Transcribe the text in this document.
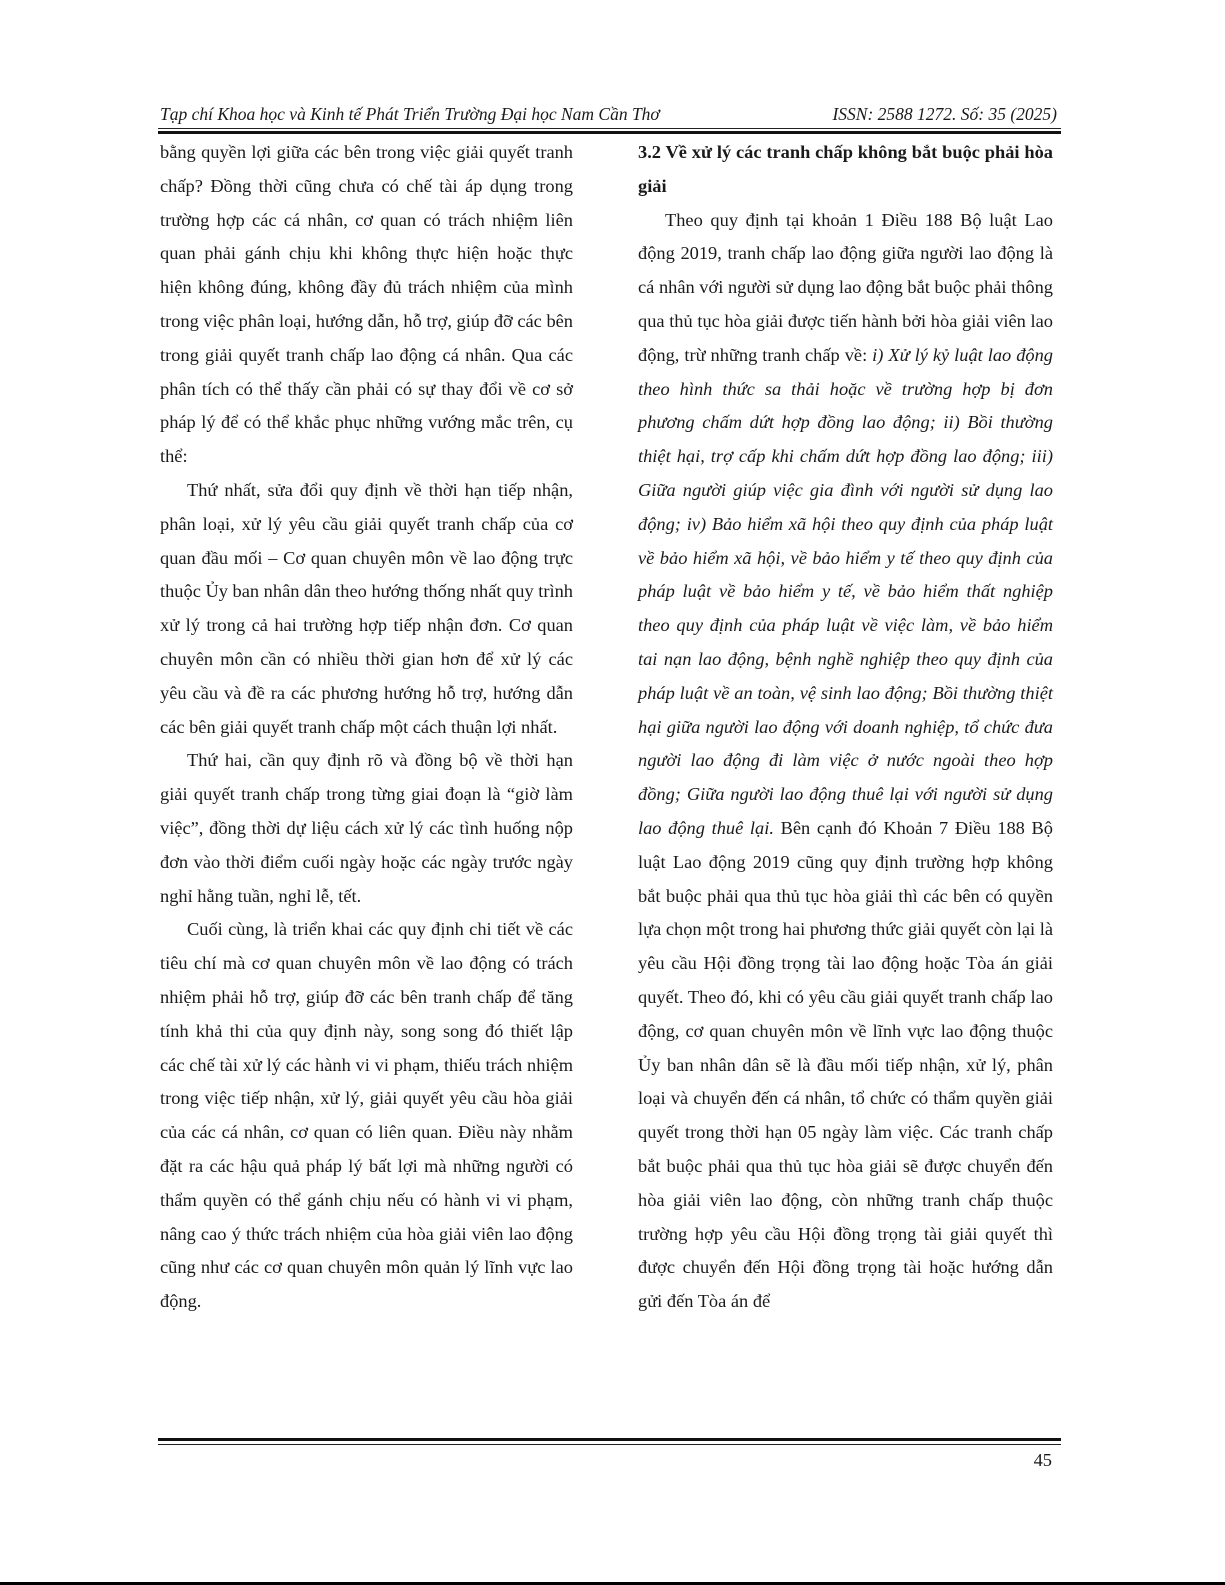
Tạp chí Khoa học và Kinh tế Phát Triển Trường Đại học Nam Cần Thơ	ISSN: 2588 1272. Số: 35 (2025)

bằng quyền lợi giữa các bên trong việc giải quyết tranh chấp? Đồng thời cũng chưa có chế tài áp dụng trong trường hợp các cá nhân, cơ quan có trách nhiệm liên quan phải gánh chịu khi không thực hiện hoặc thực hiện không đúng, không đầy đủ trách nhiệm của mình trong việc phân loại, hướng dẫn, hỗ trợ, giúp đỡ các bên trong giải quyết tranh chấp lao động cá nhân. Qua các phân tích có thể thấy cần phải có sự thay đổi về cơ sở pháp lý để có thể khắc phục những vướng mắc trên, cụ thể:

Thứ nhất, sửa đổi quy định về thời hạn tiếp nhận, phân loại, xử lý yêu cầu giải quyết tranh chấp của cơ quan đầu mối – Cơ quan chuyên môn về lao động trực thuộc Ủy ban nhân dân theo hướng thống nhất quy trình xử lý trong cả hai trường hợp tiếp nhận đơn. Cơ quan chuyên môn cần có nhiều thời gian hơn để xử lý các yêu cầu và đề ra các phương hướng hỗ trợ, hướng dẫn các bên giải quyết tranh chấp một cách thuận lợi nhất.

Thứ hai, cần quy định rõ và đồng bộ về thời hạn giải quyết tranh chấp trong từng giai đoạn là “giờ làm việc”, đồng thời dự liệu cách xử lý các tình huống nộp đơn vào thời điểm cuối ngày hoặc các ngày trước ngày nghỉ hằng tuần, nghỉ lễ, tết.

Cuối cùng, là triển khai các quy định chi tiết về các tiêu chí mà cơ quan chuyên môn về lao động có trách nhiệm phải hỗ trợ, giúp đỡ các bên tranh chấp để tăng tính khả thi của quy định này, song song đó thiết lập các chế tài xử lý các hành vi vi phạm, thiếu trách nhiệm trong việc tiếp nhận, xử lý, giải quyết yêu cầu hòa giải của các cá nhân, cơ quan có liên quan. Điều này nhằm đặt ra các hậu quả pháp lý bất lợi mà những người có thẩm quyền có thể gánh chịu nếu có hành vi vi phạm, nâng cao ý thức trách nhiệm của hòa giải viên lao động cũng như các cơ quan chuyên môn quản lý lĩnh vực lao động.

3.2 Về xử lý các tranh chấp không bắt buộc phải hòa giải

Theo quy định tại khoản 1 Điều 188 Bộ luật Lao động 2019, tranh chấp lao động giữa người lao động là cá nhân với người sử dụng lao động bắt buộc phải thông qua thủ tục hòa giải được tiến hành bởi hòa giải viên lao động, trừ những tranh chấp về: i) Xử lý kỷ luật lao động theo hình thức sa thải hoặc về trường hợp bị đơn phương chấm dứt hợp đồng lao động; ii) Bồi thường thiệt hại, trợ cấp khi chấm dứt hợp đồng lao động; iii) Giữa người giúp việc gia đình với người sử dụng lao động; iv) Bảo hiểm xã hội theo quy định của pháp luật về bảo hiểm xã hội, về bảo hiểm y tế theo quy định của pháp luật về bảo hiểm y tế, về bảo hiểm thất nghiệp theo quy định của pháp luật về việc làm, về bảo hiểm tai nạn lao động, bệnh nghề nghiệp theo quy định của pháp luật về an toàn, vệ sinh lao động; Bồi thường thiệt hại giữa người lao động với doanh nghiệp, tổ chức đưa người lao động đi làm việc ở nước ngoài theo hợp đồng; Giữa người lao động thuê lại với người sử dụng lao động thuê lại. Bên cạnh đó Khoản 7 Điều 188 Bộ luật Lao động 2019 cũng quy định trường hợp không bắt buộc phải qua thủ tục hòa giải thì các bên có quyền lựa chọn một trong hai phương thức giải quyết còn lại là yêu cầu Hội đồng trọng tài lao động hoặc Tòa án giải quyết. Theo đó, khi có yêu cầu giải quyết tranh chấp lao động, cơ quan chuyên môn về lĩnh vực lao động thuộc Ủy ban nhân dân sẽ là đầu mối tiếp nhận, xử lý, phân loại và chuyển đến cá nhân, tổ chức có thẩm quyền giải quyết trong thời hạn 05 ngày làm việc. Các tranh chấp bắt buộc phải qua thủ tục hòa giải sẽ được chuyển đến hòa giải viên lao động, còn những tranh chấp thuộc trường hợp yêu cầu Hội đồng trọng tài giải quyết thì được chuyển đến Hội đồng trọng tài hoặc hướng dẫn gửi đến Tòa án để

45
